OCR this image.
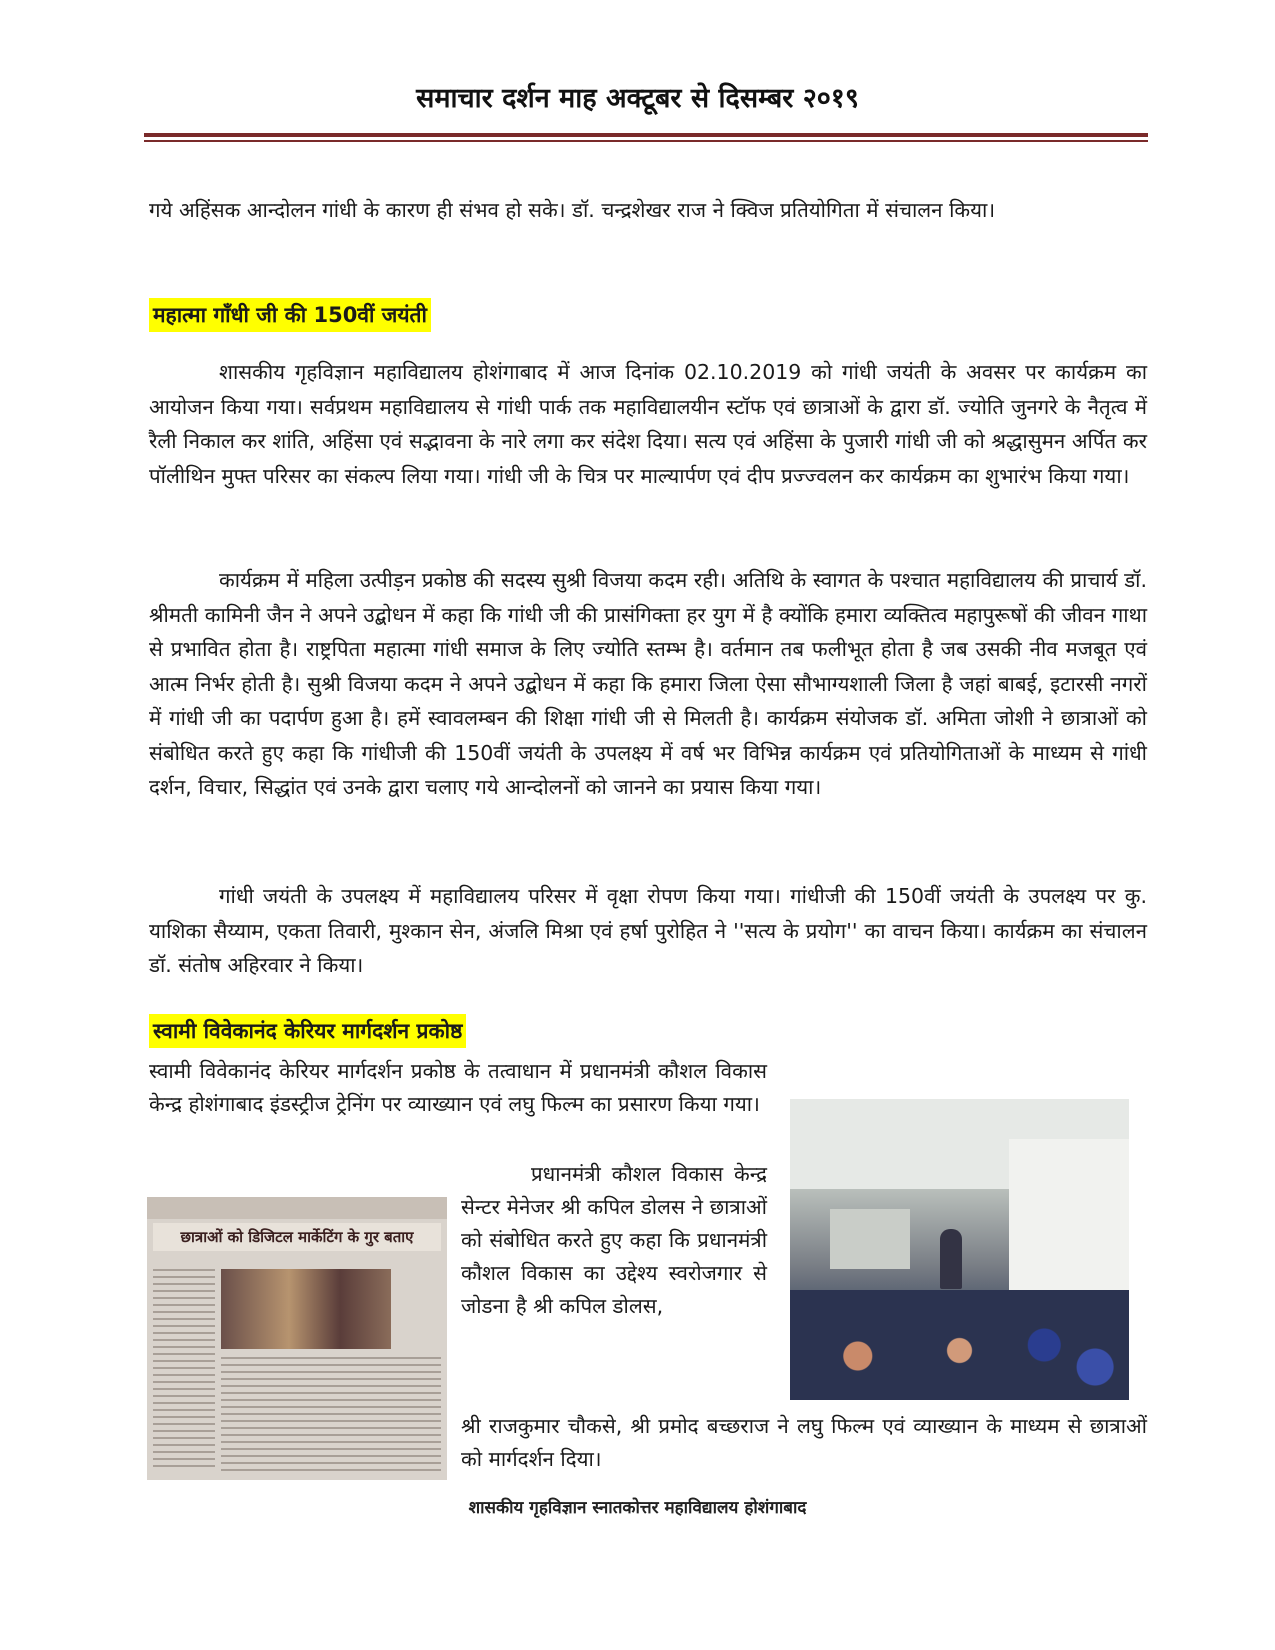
समाचार दर्शन माह अक्टूबर से दिसम्बर २०१९
गये अहिंसक आन्दोलन गांधी के कारण ही संभव हो सके। डॉ. चन्द्रशेखर राज ने क्विज प्रतियोगिता में संचालन किया।
महात्मा गाँधी जी की 150वीं जयंती
शासकीय गृहविज्ञान महाविद्यालय होशंगाबाद में आज दिनांक 02.10.2019 को गांधी जयंती के अवसर पर कार्यक्रम का आयोजन किया गया। सर्वप्रथम महाविद्यालय से गांधी पार्क तक महाविद्यालयीन स्टॉफ एवं छात्राओं के द्वारा डॉ. ज्योति जुनगरे के नैतृत्व में रैली निकाल कर शांति, अहिंसा एवं सद्भावना के नारे लगा कर संदेश दिया। सत्य एवं अहिंसा के पुजारी गांधी जी को श्रद्धासुमन अर्पित कर पॉलीथिन मुफ्त परिसर का संकल्प लिया गया। गांधी जी के चित्र पर माल्यार्पण एवं दीप प्रज्ज्वलन कर कार्यक्रम का शुभारंभ किया गया।
कार्यक्रम में महिला उत्पीड़न प्रकोष्ठ की सदस्य सुश्री विजया कदम रही। अतिथि के स्वागत के पश्चात महाविद्यालय की प्राचार्य डॉ. श्रीमती कामिनी जैन ने अपने उद्बोधन में कहा कि गांधी जी की प्रासंगिक्ता हर युग में है क्योंकि हमारा व्यक्तित्व महापुरूषों की जीवन गाथा से प्रभावित होता है। राष्ट्रपिता महात्मा गांधी समाज के लिए ज्योति स्तम्भ है। वर्तमान तब फलीभूत होता है जब उसकी नीव मजबूत एवं आत्म निर्भर होती है। सुश्री विजया कदम ने अपने उद्बोधन में कहा कि हमारा जिला ऐसा सौभाग्यशाली जिला है जहां बाबई, इटारसी नगरों में गांधी जी का पदार्पण हुआ है। हमें स्वावलम्बन की शिक्षा गांधी जी से मिलती है। कार्यक्रम संयोजक डॉ. अमिता जोशी ने छात्राओं को संबोधित करते हुए कहा कि गांधीजी की 150वीं जयंती के उपलक्ष्य में वर्ष भर विभिन्न कार्यक्रम एवं प्रतियोगिताओं के माध्यम से गांधी दर्शन, विचार, सिद्धांत एवं उनके द्वारा चलाए गये आन्दोलनों को जानने का प्रयास किया गया।
गांधी जयंती के उपलक्ष्य में महाविद्यालय परिसर में वृक्षा रोपण किया गया। गांधीजी की 150वीं जयंती के उपलक्ष्य पर कु. याशिका सैय्याम, एकता तिवारी, मुश्कान सेन, अंजलि मिश्रा एवं हर्षा पुरोहित ने ''सत्य के प्रयोग'' का वाचन किया। कार्यक्रम का संचालन डॉ. संतोष अहिरवार ने किया।
स्वामी विवेकानंद केरियर मार्गदर्शन प्रकोष्ठ
स्वामी विवेकानंद केरियर मार्गदर्शन प्रकोष्ठ के तत्वाधान में प्रधानमंत्री कौशल विकास केन्द्र होशंगाबाद इंडस्ट्रीज ट्रेनिंग पर व्याख्यान एवं लघु फिल्म का प्रसारण किया गया।
छात्राओं को डिजिटल मार्केटिंग के गुर बताए
प्रधानमंत्री कौशल विकास केन्द्र सेन्टर मेनेजर श्री कपिल डोलस ने छात्राओं को संबोधित करते हुए कहा कि प्रधानमंत्री कौशल विकास का उद्देश्य स्वरोजगार से जोडना है श्री कपिल डोलस,
श्री राजकुमार चौकसे, श्री प्रमोद बच्छराज ने लघु फिल्म एवं व्याख्यान के माध्यम से छात्राओं को मार्गदर्शन दिया।
शासकीय गृहविज्ञान स्नातकोत्तर महाविद्यालय होशंगाबाद
